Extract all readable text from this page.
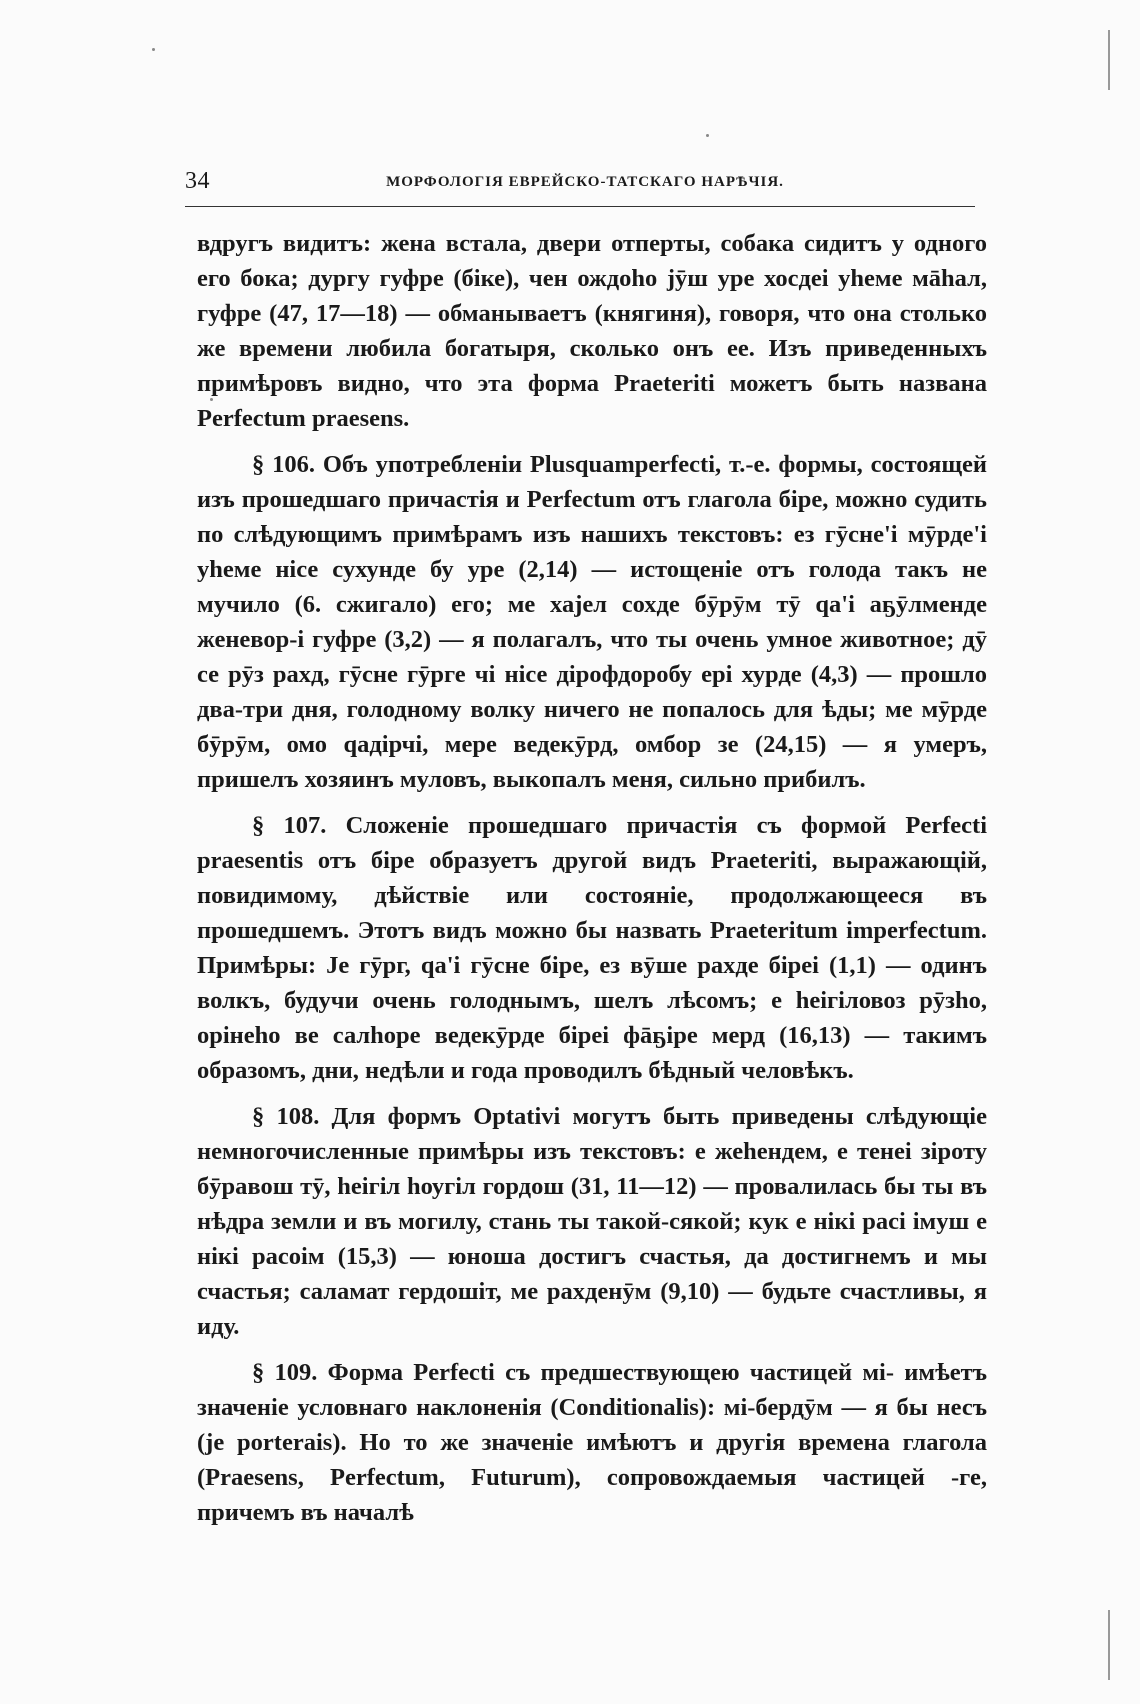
34	МОРФОЛОГІЯ ЕВРЕЙСКО-ТАТСКАГО НАРѢЧІЯ.

вдругъ видитъ: жена встала, двери отперты, собака сидитъ у одного его бока; дургу гуфре (біке), чен ождоho jӯш уре хосдеі уhеме мāhал, гуфре (47, 17—18) — обманываетъ (княгиня), говоря, что она столько же времени любила богатыря, сколько онъ ее. Изъ приведенныхъ примѣровъ видно, что эта форма Praeteriti можетъ быть названа Perfectum praesens.

§ 106. Объ употребленіи Plusquamperfecti, т.-е. формы, состоящей изъ прошедшаго причастія и Perfectum отъ глагола біре, можно судить по слѣдующимъ примѣрамъ изъ нашихъ текстовъ: ез гӯсне'і мӯрде'і уhеме нісе сухунде бу уре (2,14) — истощеніе отъ голода такъ не мучило (6. сжигало) его; ме хаjел сохде бӯрӯм тӯ qа'і аҕӯлменде женевор-і гуфре (3,2) — я полагалъ, что ты очень умное животное; дӯ се рӯз рахд, гӯсне гӯрге чі нісе дірофдоробу ері хурде (4,3) — прошло два-три дня, голодному волку ничего не попалось для ѣды; ме мӯрде бӯрӯм, омо qадірчі, мере ведекӯрд, омбор зе (24,15) — я умеръ, пришелъ хозяинъ муловъ, выкопалъ меня, сильно прибилъ.

§ 107. Сложеніе прошедшаго причастія съ формой Perfecti praesentis отъ біре образуетъ другой видъ Praeteriti, выражающій, повидимому, дѣйствіе или состояніе, продолжающееся въ прошедшемъ. Этотъ видъ можно бы назвать Praeteritum imperfectum. Примѣры: Jе гӯрг, qа'і гӯсне біре, ез вӯше рахде біреі (1,1) — одинъ волкъ, будучи очень голоднымъ, шелъ лѣсомъ; е hеігіловоз рӯзhо, орінеhо ве салhоре ведекӯрде біреі фāҕіре мерд (16,13) — такимъ образомъ, дни, недѣли и года проводилъ бѣдный человѣкъ.

§ 108. Для формъ Optativi могутъ быть приведены слѣдующіе немногочисленные примѣры изъ текстовъ: е жеhендем, е тенеі зіроту бӯравош тӯ, hеігіл hоугіл гордош (31, 11—12) — провалилась бы ты въ нѣдра земли и въ могилу, стань ты такой-сякой; кук е нікі расі імуш е нікі расоім (15,3) — юноша достигъ счастья, да достигнемъ и мы счастья; саламат гердошіт, ме рахденӯм (9,10) — будьте счастливы, я иду.

§ 109. Форма Perfecti съ предшествующею частицей мі- имѣетъ значеніе условнаго наклоненія (Conditionalis): мі-бердӯм — я бы несъ (je porterais). Но то же значеніе имѣютъ и другія времена глагола (Praesens, Perfectum, Futurum), сопровождаемыя частицей -ге, причемъ въ началѣ
